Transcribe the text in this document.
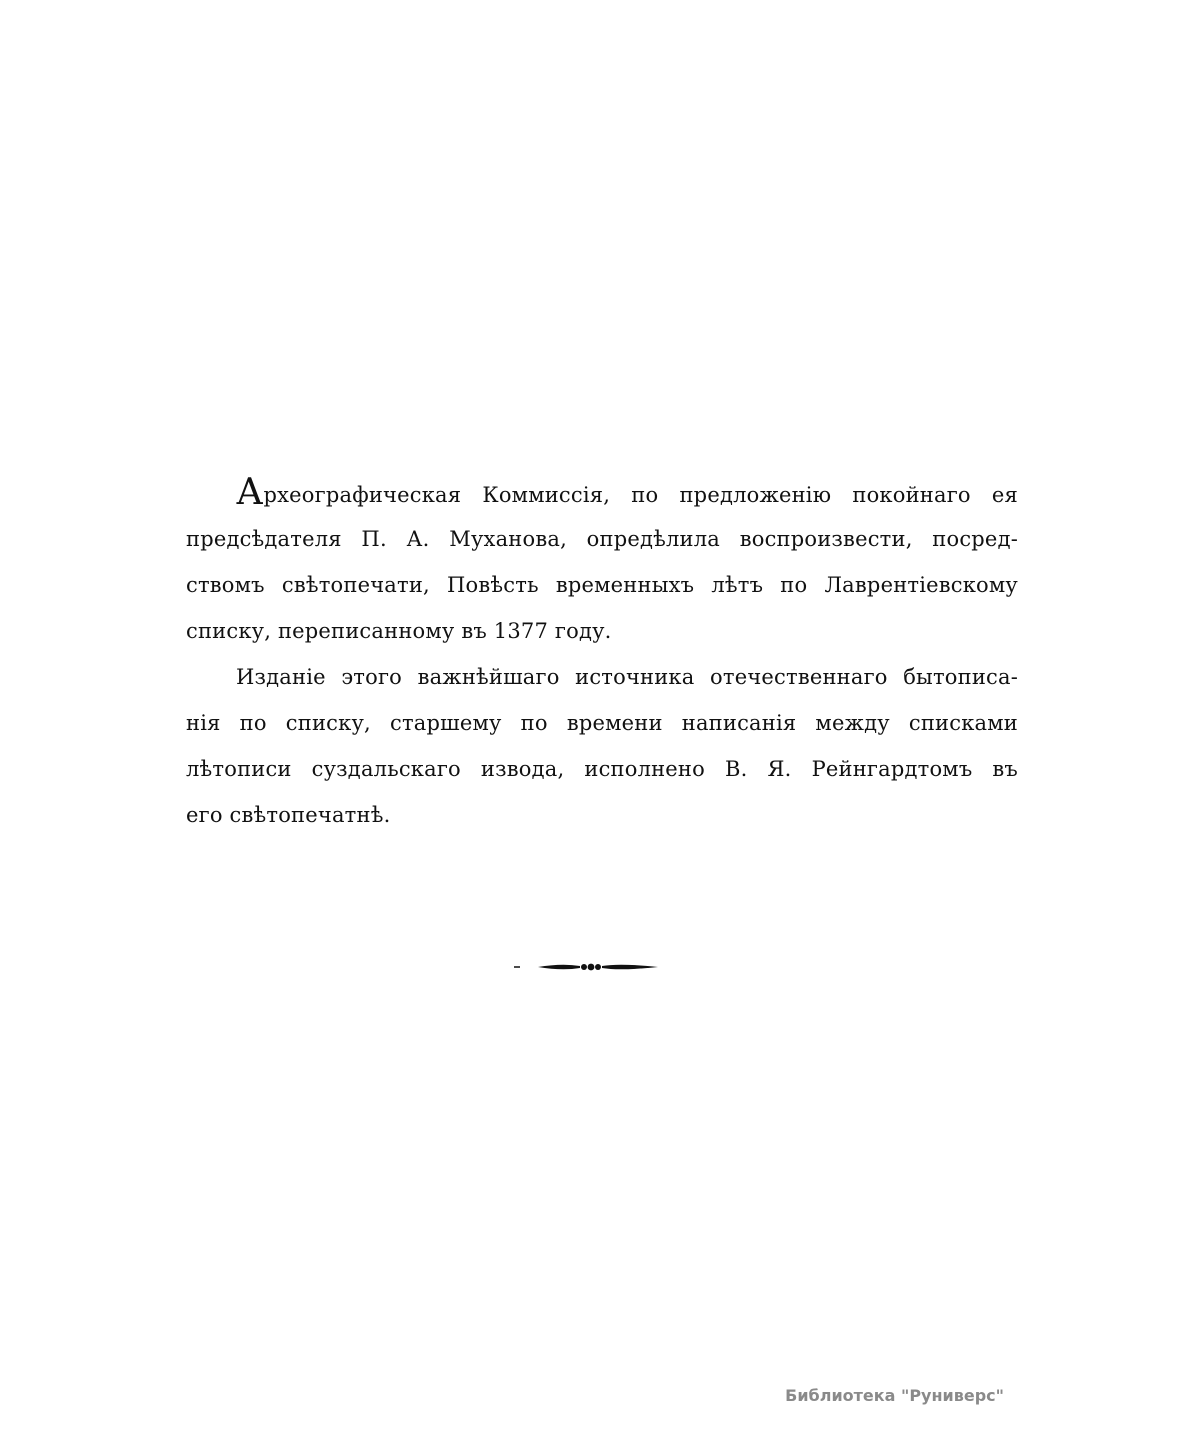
Археографическая Коммиссія, по предложенію покойнаго ея
предсѣдателя П. А. Муханова, опредѣлила воспроизвести, посред-
ствомъ свѣтопечати, Повѣсть временныхъ лѣтъ по Лаврентіевскому
списку, переписанному въ 1377 году.

Изданіе этого важнѣйшаго источника отечественнаго бытописа-
нія по списку, старшему по времени написанія между списками
лѣтописи суздальскаго извода, исполнено В. Я. Рейнгардтомъ въ
его свѣтопечатнѣ.

Библиотека "Руниверс"
